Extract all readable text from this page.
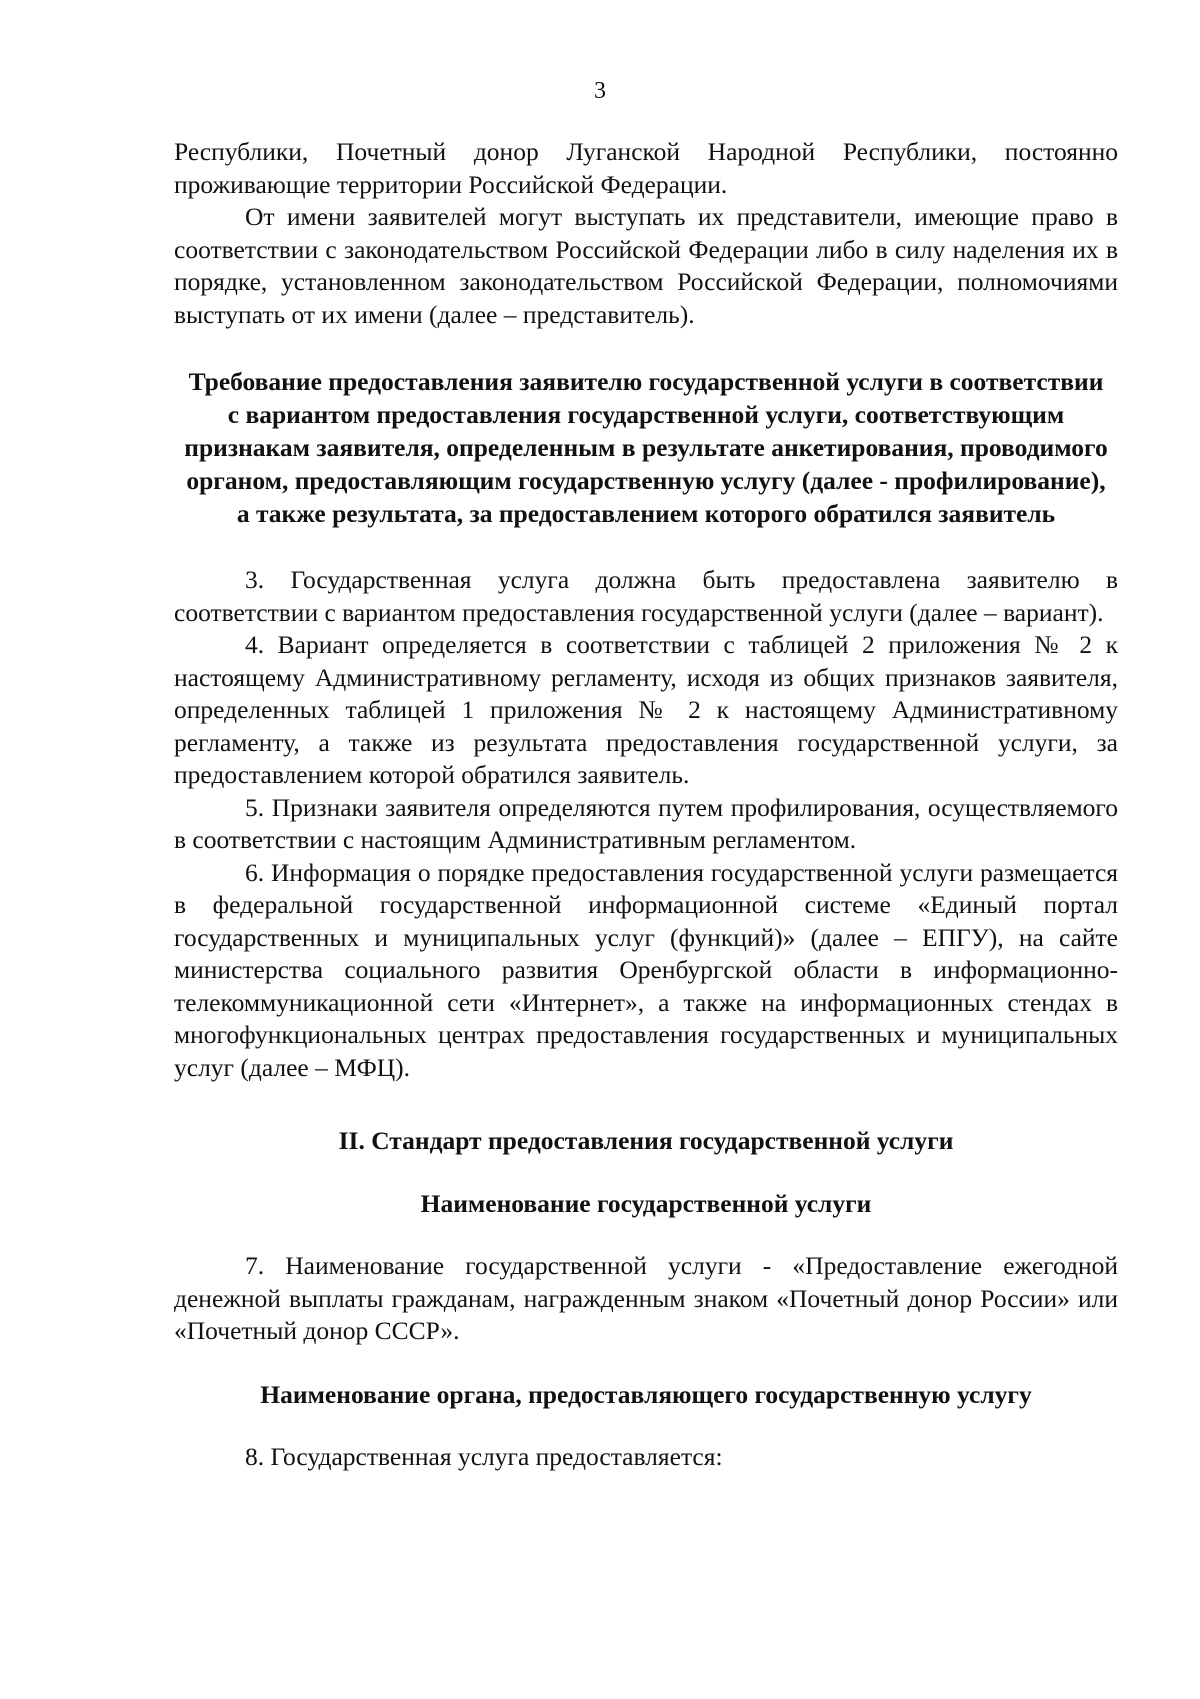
3

Республики, Почетный донор Луганской Народной Республики, постоянно проживающие территории Российской Федерации.

От имени заявителей могут выступать их представители, имеющие право в соответствии с законодательством Российской Федерации либо в силу наделения их в порядке, установленном законодательством Российской Федерации, полномочиями выступать от их имени (далее – представитель).

Требование предоставления заявителю государственной услуги в соответствии с вариантом предоставления государственной услуги, соответствующим признакам заявителя, определенным в результате анкетирования, проводимого органом, предоставляющим государственную услугу (далее - профилирование), а также результата, за предоставлением которого обратился заявитель

3. Государственная услуга должна быть предоставлена заявителю в соответствии с вариантом предоставления государственной услуги (далее – вариант).

4. Вариант определяется в соответствии с таблицей 2 приложения № 2 к настоящему Административному регламенту, исходя из общих признаков заявителя, определенных таблицей 1 приложения № 2 к настоящему Административному регламенту, а также из результата предоставления государственной услуги, за предоставлением которой обратился заявитель.

5. Признаки заявителя определяются путем профилирования, осуществляемого в соответствии с настоящим Административным регламентом.

6. Информация о порядке предоставления государственной услуги размещается в федеральной государственной информационной системе «Единый портал государственных и муниципальных услуг (функций)» (далее – ЕПГУ), на сайте министерства социального развития Оренбургской области в информационно-телекоммуникационной сети «Интернет», а также на информационных стендах в многофункциональных центрах предоставления государственных и муниципальных услуг (далее – МФЦ).

II. Стандарт предоставления государственной услуги

Наименование государственной услуги

7. Наименование государственной услуги - «Предоставление ежегодной денежной выплаты гражданам, награжденным знаком «Почетный донор России» или «Почетный донор СССР».

Наименование органа, предоставляющего государственную услугу

8. Государственная услуга предоставляется:
